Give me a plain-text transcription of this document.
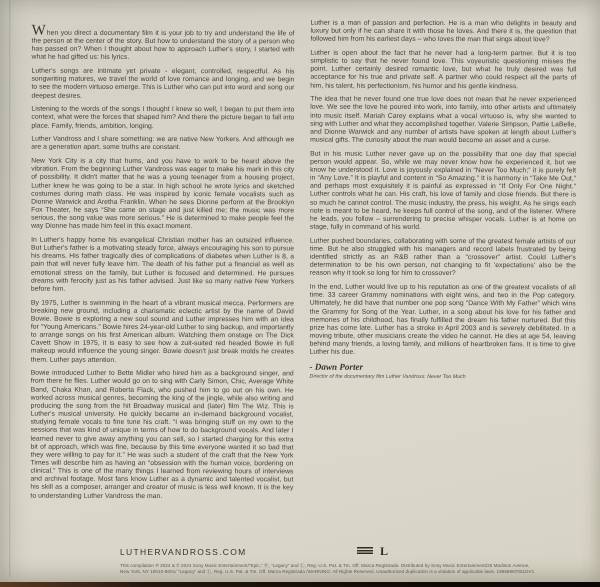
When you direct a documentary film it is your job to try and understand the life of the person at the center of the story. But how to understand the story of a person who has passed on? When I thought about how to approach Luther's story, I started with what he had gifted us: his lyrics.

Luther's songs are intimate yet private - elegant, controlled, respectful. As his songwriting matures, we travel the world of love romance and longing, and we begin to see the modern virtuoso emerge. This is Luther who can put into word and song our deepest desires.

Listening to the words of the songs I thought I knew so well, I began to put them into context, what were the forces that shaped him? And there the picture began to fall into place. Family, friends, ambition, longing.

Luther Vandross and I share something: we are native New Yorkers. And although we are a generation apart, some truths are constant.

New York City is a city that hums, and you have to work to be heard above the vibration. From the beginning Luther Vandross was eager to make his mark in this city of possibility. It didn't matter that he was a young teenager from a housing project, Luther knew he was going to be a star. In high school he wrote lyrics and sketched costumes during math class. He was inspired by iconic female vocalists such as Dionne Warwick and Aretha Franklin. When he sees Dionne perform at the Brooklyn Fox Theater, he says “She came on stage and just killed me; the music was more serious, the song value was more serious.” He is determined to make people feel the way Dionne has made him feel in this exact moment.

In Luther's happy home his evangelical Christian mother has an outsized influence. But Luther's father is a motivating steady force, always encouraging his son to pursue his dreams. His father tragically dies of complications of diabetes when Luther is 8, a pain that will never fully leave him. The death of his father put a financial as well as emotional stress on the family, but Luther is focused and determined. He pursues dreams with ferocity just as his father advised. Just like so many native New Yorkers before him.

By 1975, Luther is swimming in the heart of a vibrant musical mecca. Performers are breaking new ground, including a charismatic eclectic artist by the name of David Bowie. Bowie is exploring a new soul sound and Luther impresses him with an idea for “Young Americans.” Bowie hires 24-year-old Luther to sing backup, and importantly to arrange songs on his first American album. Watching them onstage on The Dick Cavett Show in 1975, it is easy to see how a zuit-suited red headed Bowie in full makeup would influence the young singer. Bowie doesn't just break molds he creates them. Luther pays attention.

Bowie introduced Luther to Bette Midler who hired him as a background singer, and from there he flies. Luther would go on to sing with Carly Simon, Chic, Average White Band, Chaka Khan, and Roberta Flack, who pushed him to go out on his own. He worked across musical genres, becoming the king of the jingle, while also writing and producing the song from the hit Broadway musical and (later) film The Wiz. This is Luther's musical university. He quickly became an in-demand background vocalist, studying female vocals to fine tune his craft. “I was bringing stuff on my own to the sessions that was kind of unique in terms of how to do background vocals. And later I learned never to give away anything you can sell, so I started charging for this extra bit of approach, which was fine, because by this time everyone wanted it so bad that they were willing to pay for it.” He was such a student of the craft that the New York Times will describe him as having an “obsession with the human voice, bordering on clinical.” This is one of the many things I learned from reviewing hours of interviews and archival footage. Most fans know Luther as a dynamic and talented vocalist, but his skill as a composer, arranger and creator of music is less well known. It is the key to understanding Luther Vandross the man.

Luther is a man of passion and perfection. He is a man who delights in beauty and luxury but only if he can share it with those he loves. And there it is, the question that followed him from his earliest days – who loves the man that sings about love?

Luther is open about the fact that he never had a long-term partner. But it is too simplistic to say that he never found love. This voyeuristic questioning misses the point. Luther certainly desired romantic love, but what he truly desired was full acceptance for his true and private self. A partner who could respect all the parts of him, his talent, his perfectionism, his humor and his gentle kindness.

The idea that he never found one true love does not mean that he never experienced love. We see the love he poured into work, into family, into other artists and ultimately into music itself. Mariah Carey explains what a vocal virtuoso is, why she wanted to sing with Luther and what they accomplished together. Valerie Simpson, Pattie LaBelle, and Dionne Warwick and any number of artists have spoken at length about Luther's musical gifts. The curiosity about the man would become an asset and a curse.

But in his music Luther never gave up on the possibility that one day that special person would appear. So, while we may never know how he experienced it, but we know he understood it. Love is joyously explained in “Never Too Much;” it is purely felt in “Any Love.” It is playful and content in “So Amazing.” It is harmony in “Take Me Out,” and perhaps most exquisitely it is painful as expressed in “If Only For One Night.” Luther controls what he can. His craft, his love of family and close friends. But there is so much he cannot control. The music industry, the press, his weight. As he sings each note is meant to be heard, he keeps full control of the song, and of the listener. Where he leads, you follow – surrendering to precise whisper vocals. Luther is at home on stage, fully in command of his world.

Luther pushed boundaries, collaborating with some of the greatest female artists of our time. But he also struggled with his managers and record labels frustrated by being identified strictly as an R&B rather than a “crossover” artist. Could Luther's determination to be his own person, not changing to fit 'expectations' also be the reason why it took so long for him to crossover?

In the end, Luther would live up to his reputation as one of the greatest vocalists of all time. 33 career Grammy nominations with eight wins, and two in the Pop category. Ultimately, he did have that number one pop song “Dance With My Father” which wins the Grammy for Song of the Year. Luther, in a song about his love for his father and memories of his childhood, has finally fulfilled the dream his father nurtured. But this prize has come late. Luther has a stroke in April 2003 and is severely debilitated. In a moving tribute, other musicians create the video he cannot. He dies at age 54, leaving behind many friends, a loving family, and millions of heartbroken fans. It is time to give Luther his due.

- Dawn Porter
Director of the documentary film Luther Vandross: Never Too Much
LUTHERVANDROSS.COM	L
This compilation ℗ 2024 & © 2024 Sony Music Entertainment/“Epic,” Ⓡ, “Legacy” and Ⓛ, Reg. U.S. Pat. & Tm. Off. Marca Registrada. Distributed by Sony Music Entertainment/25 Madison Avenue,
New York, NY 10010-8601/ “Legacy” and Ⓛ, Reg. U.S. Pat. & Tm. Off. Marca Registrada /WARNING: All Rights Reserved. Unauthorized duplication is a violation of applicable laws. 19658987051DV1
